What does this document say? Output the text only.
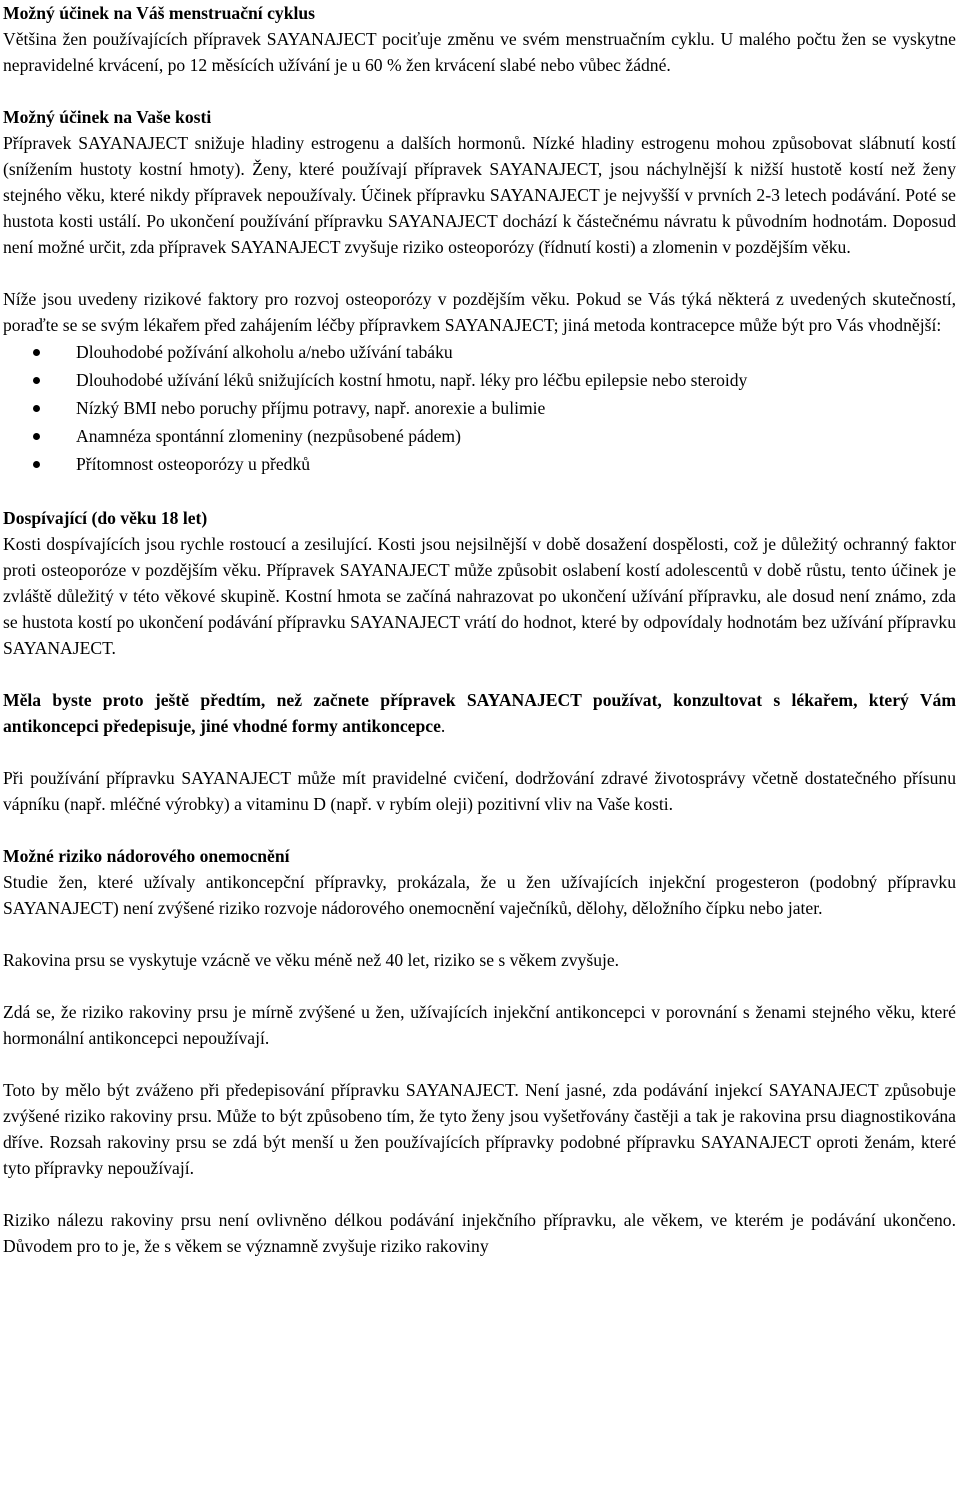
Možný účinek na Váš menstruační cyklus

Většina žen používajících přípravek SAYANAJECT pociťuje změnu ve svém menstruačním cyklu. U malého počtu žen se vyskytne nepravidelné krvácení, po 12 měsících užívání je u 60 % žen krvácení slabé nebo vůbec žádné.

Možný účinek na Vaše kosti

Přípravek SAYANAJECT snižuje hladiny estrogenu a dalších hormonů. Nízké hladiny estrogenu mohou způsobovat slábnutí kostí (snížením hustoty kostní hmoty). Ženy, které používají přípravek SAYANAJECT, jsou náchylnější k nižší hustotě kostí než ženy stejného věku, které nikdy přípravek nepoužívaly. Účinek přípravku SAYANAJECT je nejvyšší v prvních 2-3 letech podávání. Poté se hustota kosti ustálí. Po ukončení používání přípravku SAYANAJECT dochází k částečnému návratu k původním hodnotám. Doposud není možné určit, zda přípravek SAYANAJECT zvyšuje riziko osteoporózy (řídnutí kosti) a zlomenin v pozdějším věku.

Níže jsou uvedeny rizikové faktory pro rozvoj osteoporózy v pozdějším věku. Pokud se Vás týká některá z uvedených skutečností, poraďte se se svým lékařem před zahájením léčby přípravkem SAYANAJECT; jiná metoda kontracepce může být pro Vás vhodnější:

Dlouhodobé požívání alkoholu a/nebo užívání tabáku
Dlouhodobé užívání léků snižujících kostní hmotu, např. léky pro léčbu epilepsie nebo steroidy
Nízký BMI nebo poruchy příjmu potravy, např. anorexie a bulimie
Anamnéza spontánní zlomeniny (nezpůsobené pádem)
Přítomnost osteoporózy u předků

Dospívající (do věku 18 let)

Kosti dospívajících jsou rychle rostoucí a zesilující. Kosti jsou nejsilnější v době dosažení dospělosti, což je důležitý ochranný faktor proti osteoporóze v pozdějším věku. Přípravek SAYANAJECT může způsobit oslabení kostí adolescentů v době růstu, tento účinek je zvláště důležitý v této věkové skupině. Kostní hmota se začíná nahrazovat po ukončení užívání přípravku, ale dosud není známo, zda se hustota kostí po ukončení podávání přípravku SAYANAJECT vrátí do hodnot, které by odpovídaly hodnotám bez užívání přípravku SAYANAJECT.

Měla byste proto ještě předtím, než začnete přípravek SAYANAJECT používat, konzultovat s lékařem, který Vám antikoncepci předepisuje, jiné vhodné formy antikoncepce.

Při používání přípravku SAYANAJECT může mít pravidelné cvičení, dodržování zdravé životosprávy včetně dostatečného přísunu vápníku (např. mléčné výrobky) a vitaminu D (např. v rybím oleji) pozitivní vliv na Vaše kosti.

Možné riziko nádorového onemocnění

Studie žen, které užívaly antikoncepční přípravky, prokázala, že u žen užívajících injekční progesteron (podobný přípravku SAYANAJECT) není zvýšené riziko rozvoje nádorového onemocnění vaječníků, dělohy, děložního čípku nebo jater.

Rakovina prsu se vyskytuje vzácně ve věku méně než 40 let, riziko se s věkem zvyšuje.

Zdá se, že riziko rakoviny prsu je mírně zvýšené u žen, užívajících injekční antikoncepci v porovnání s ženami stejného věku, které hormonální antikoncepci nepoužívají.

Toto by mělo být zváženo při předepisování přípravku SAYANAJECT. Není jasné, zda podávání injekcí SAYANAJECT způsobuje zvýšené riziko rakoviny prsu. Může to být způsobeno tím, že tyto ženy jsou vyšetřovány častěji a tak je rakovina prsu diagnostikována dříve. Rozsah rakoviny prsu se zdá být menší u žen používajících přípravky podobné přípravku SAYANAJECT oproti ženám, které tyto přípravky nepoužívají.

Riziko nálezu rakoviny prsu není ovlivněno délkou podávání injekčního přípravku, ale věkem, ve kterém je podávání ukončeno. Důvodem pro to je, že s věkem se významně zvyšuje riziko rakoviny
